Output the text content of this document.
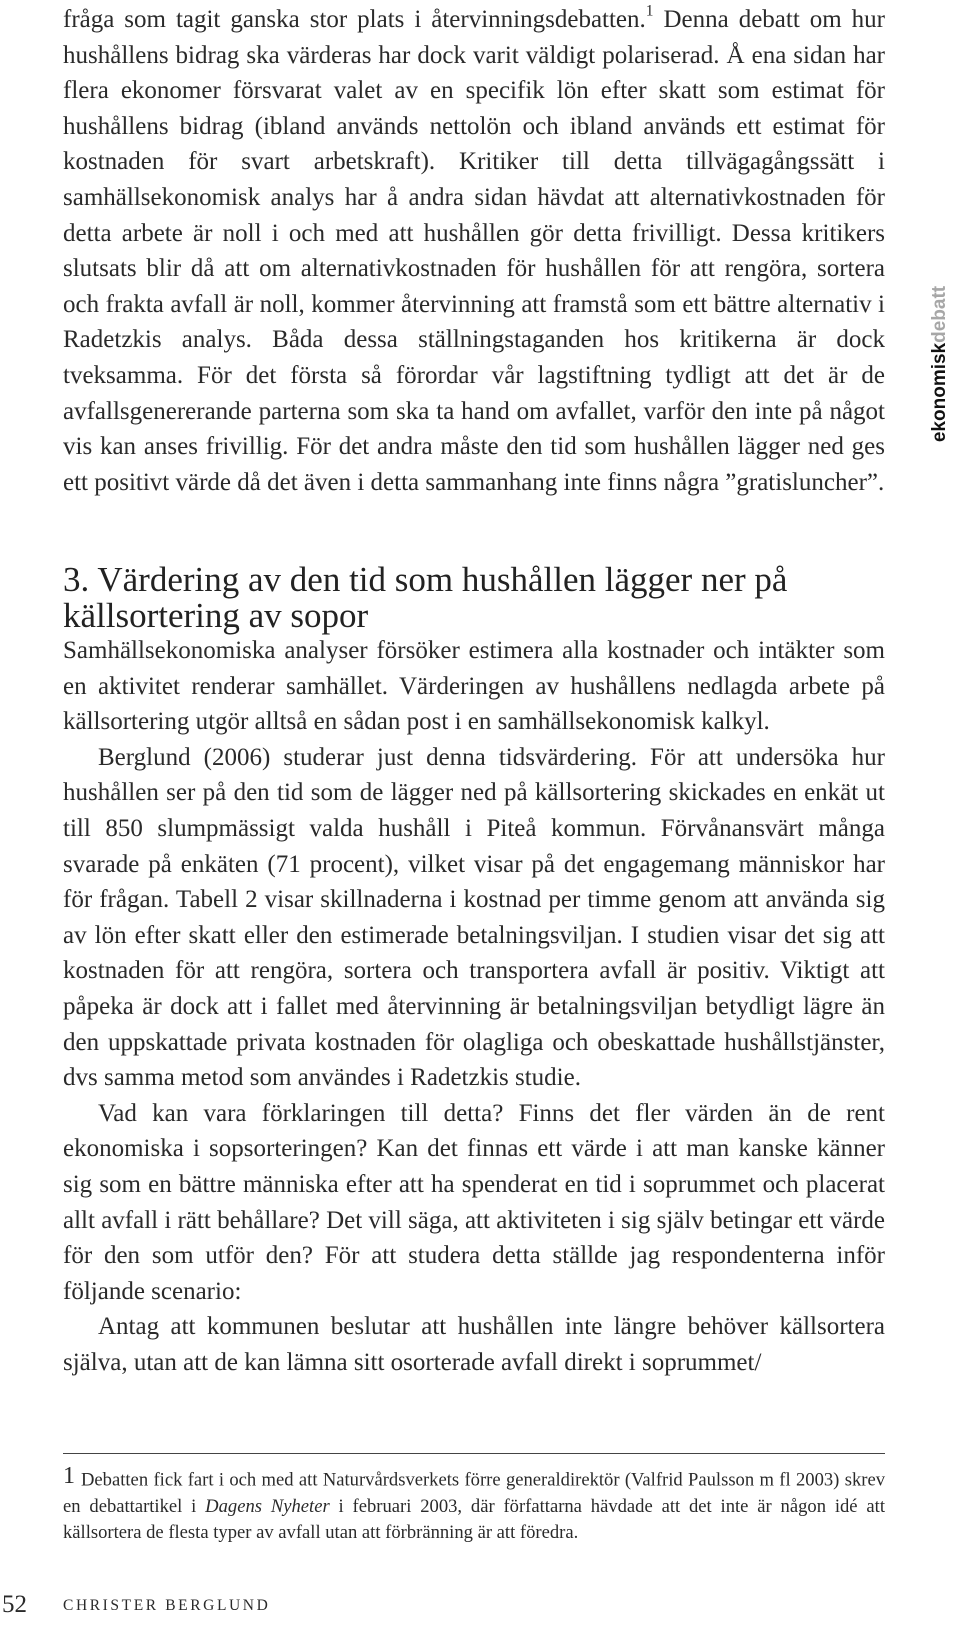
fråga som tagit ganska stor plats i återvinningsdebatten.$^1$ Denna debatt om hur hushållens bidrag ska värderas har dock varit väldigt polariserad. Å ena sidan har flera ekonomer försvarat valet av en specifik lön efter skatt som estimat för hushållens bidrag (ibland används nettolön och ibland används ett estimat för kostnaden för svart arbetskraft). Kritiker till detta tillvägagångssätt i samhällsekonomisk analys har å andra sidan hävdat att alternativkostnaden för detta arbete är noll i och med att hushållen gör detta frivilligt. Dessa kritikers slutsats blir då att om alternativkostnaden för hushållen för att rengöra, sortera och frakta avfall är noll, kommer återvinning att framstå som ett bättre alternativ i Radetzkis analys. Båda dessa ställningstaganden hos kritikerna är dock tveksamma. För det första så förordar vår lagstiftning tydligt att det är de avfallsgenererande parterna som ska ta hand om avfallet, varför den inte på något vis kan anses frivillig. För det andra måste den tid som hushållen lägger ned ges ett positivt värde då det även i detta sammanhang inte finns några ”gratisluncher”.

3. Värdering av den tid som hushållen lägger ner på källsortering av sopor

Samhällsekonomiska analyser försöker estimera alla kostnader och intäkter som en aktivitet renderar samhället. Värderingen av hushållens nedlagda arbete på källsortering utgör alltså en sådan post i en samhällsekonomisk kalkyl.

Berglund (2006) studerar just denna tidsvärdering. För att undersöka hur hushållen ser på den tid som de lägger ned på källsortering skickades en enkät ut till 850 slumpmässigt valda hushåll i Piteå kommun. Förvånansvärt många svarade på enkäten (71 procent), vilket visar på det engagemang människor har för frågan. Tabell 2 visar skillnaderna i kostnad per timme genom att använda sig av lön efter skatt eller den estimerade betalningsviljan. I studien visar det sig att kostnaden för att rengöra, sortera och transportera avfall är positiv. Viktigt att påpeka är dock att i fallet med återvinning är betalningsviljan betydligt lägre än den uppskattade privata kostnaden för olagliga och obeskattade hushållstjänster, dvs samma metod som användes i Radetzkis studie.

Vad kan vara förklaringen till detta? Finns det fler värden än de rent ekonomiska i sopsorteringen? Kan det finnas ett värde i att man kanske känner sig som en bättre människa efter att ha spenderat en tid i soprummet och placerat allt avfall i rätt behållare? Det vill säga, att aktiviteten i sig själv betingar ett värde för den som utför den? För att studera detta ställde jag respondenterna inför följande scenario:

Antag att kommunen beslutar att hushållen inte längre behöver källsortera själva, utan att de kan lämna sitt osorterade avfall direkt i soprummet/

1 Debatten fick fart i och med att Naturvårdsverkets förre generaldirektör (Valfrid Paulsson m fl 2003) skrev en debattartikel i Dagens Nyheter i februari 2003, där författarna hävdade att det inte är någon idé att källsortera de flesta typer av avfall utan att förbränning är att föredra.

ekonomiskdebatt

52 CHRISTER BERGLUND
